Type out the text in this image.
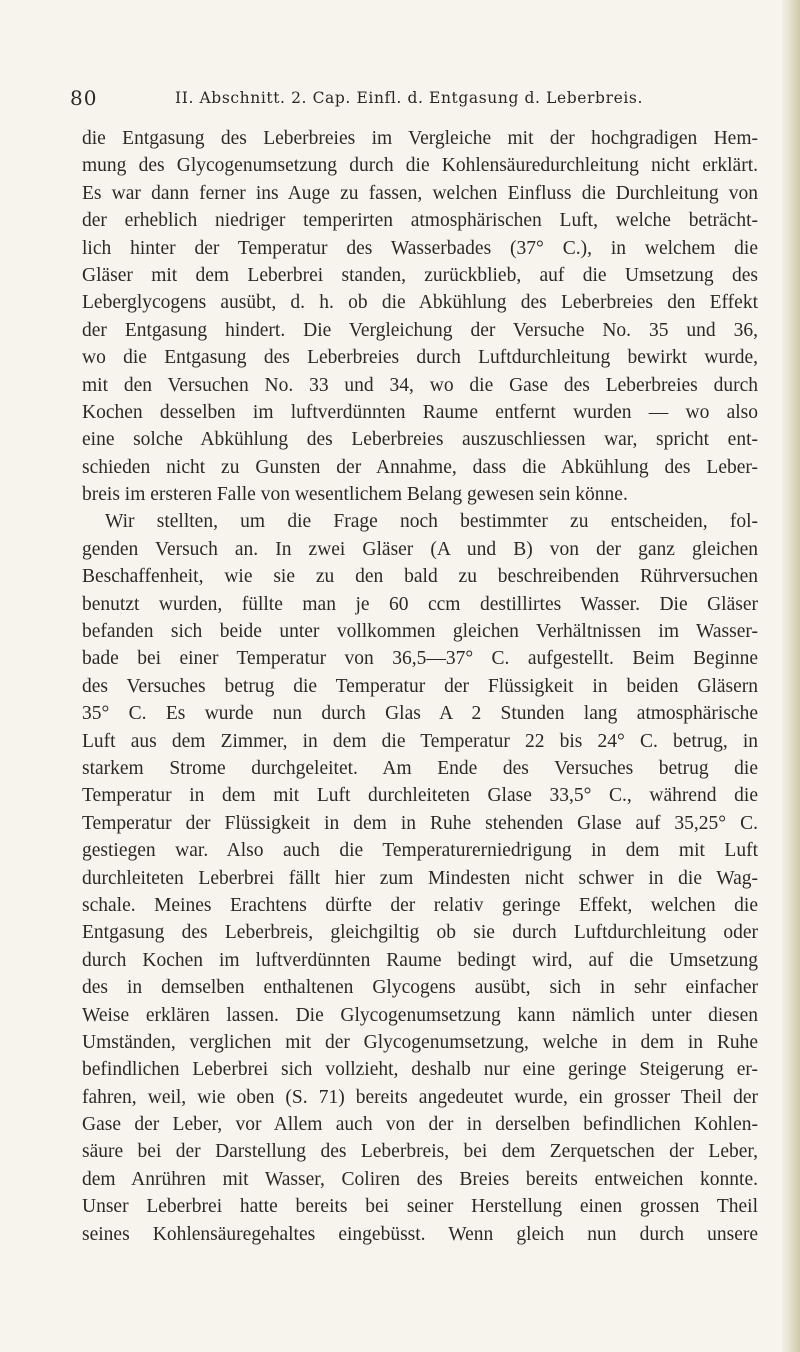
80	II. Abschnitt. 2. Cap. Einfl. d. Entgasung d. Leberbreis.
die Entgasung des Leberbreies im Vergleiche mit der hochgradigen Hem-
mung des Glycogenumsetzung durch die Kohlensäuredurchleitung nicht erklärt.
Es war dann ferner ins Auge zu fassen, welchen Einfluss die Durchleitung von
der erheblich niedriger temperirten atmosphärischen Luft, welche beträcht-
lich hinter der Temperatur des Wasserbades (37° C.), in welchem die
Gläser mit dem Leberbrei standen, zurückblieb, auf die Umsetzung des
Leberglycogens ausübt, d. h. ob die Abkühlung des Leberbreies den Effekt
der Entgasung hindert. Die Vergleichung der Versuche No. 35 und 36,
wo die Entgasung des Leberbreies durch Luftdurchleitung bewirkt wurde,
mit den Versuchen No. 33 und 34, wo die Gase des Leberbreies durch
Kochen desselben im luftverdünnten Raume entfernt wurden — wo also
eine solche Abkühlung des Leberbreies auszuschliessen war, spricht ent-
schieden nicht zu Gunsten der Annahme, dass die Abkühlung des Leber-
breis im ersteren Falle von wesentlichem Belang gewesen sein könne.
Wir stellten, um die Frage noch bestimmter zu entscheiden, fol-
genden Versuch an. In zwei Gläser (A und B) von der ganz gleichen
Beschaffenheit, wie sie zu den bald zu beschreibenden Rührversuchen
benutzt wurden, füllte man je 60 ccm destillirtes Wasser. Die Gläser
befanden sich beide unter vollkommen gleichen Verhältnissen im Wasser-
bade bei einer Temperatur von 36,5—37° C. aufgestellt. Beim Beginne
des Versuches betrug die Temperatur der Flüssigkeit in beiden Gläsern
35° C. Es wurde nun durch Glas A 2 Stunden lang atmosphärische
Luft aus dem Zimmer, in dem die Temperatur 22 bis 24° C. betrug, in
starkem Strome durchgeleitet. Am Ende des Versuches betrug die
Temperatur in dem mit Luft durchleiteten Glase 33,5° C., während die
Temperatur der Flüssigkeit in dem in Ruhe stehenden Glase auf 35,25° C.
gestiegen war. Also auch die Temperaturerniedrigung in dem mit Luft
durchleiteten Leberbrei fällt hier zum Mindesten nicht schwer in die Wag-
schale. Meines Erachtens dürfte der relativ geringe Effekt, welchen die
Entgasung des Leberbreis, gleichgiltig ob sie durch Luftdurchleitung oder
durch Kochen im luftverdünnten Raume bedingt wird, auf die Umsetzung
des in demselben enthaltenen Glycogens ausübt, sich in sehr einfacher
Weise erklären lassen. Die Glycogenumsetzung kann nämlich unter diesen
Umständen, verglichen mit der Glycogenumsetzung, welche in dem in Ruhe
befindlichen Leberbrei sich vollzieht, deshalb nur eine geringe Steigerung er-
fahren, weil, wie oben (S. 71) bereits angedeutet wurde, ein grosser Theil der
Gase der Leber, vor Allem auch von der in derselben befindlichen Kohlen-
säure bei der Darstellung des Leberbreis, bei dem Zerquetschen der Leber,
dem Anrühren mit Wasser, Coliren des Breies bereits entweichen konnte.
Unser Leberbrei hatte bereits bei seiner Herstellung einen grossen Theil
seines Kohlensäuregehaltes eingebüsst. Wenn gleich nun durch unsere
